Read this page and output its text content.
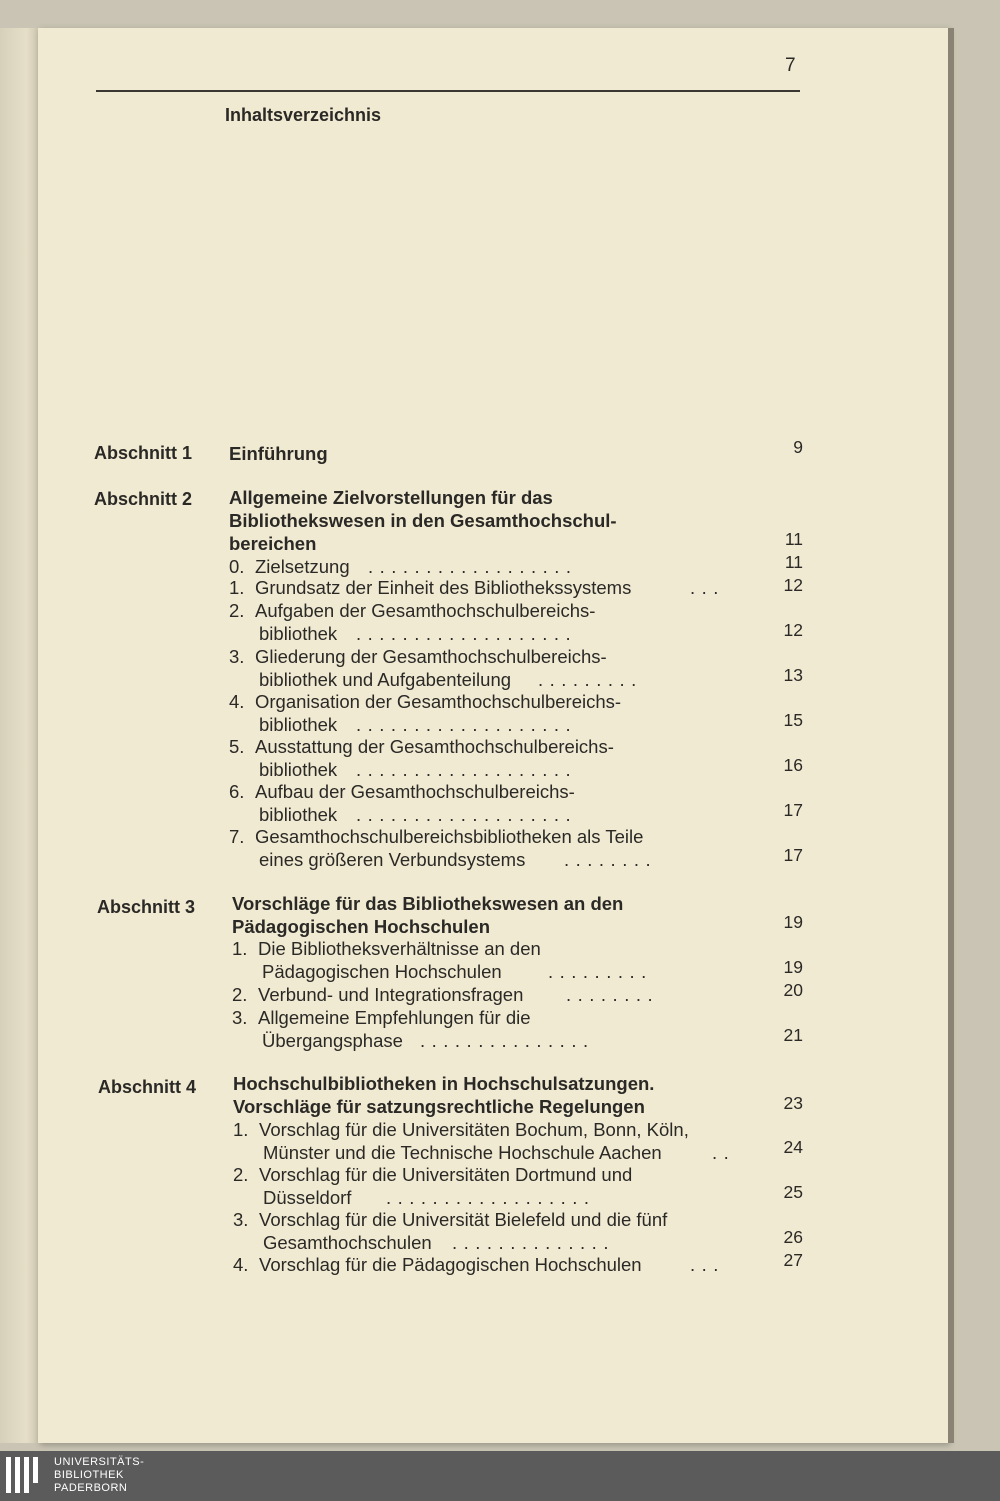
7
Inhaltsverzeichnis
Abschnitt 1 Einführung	9
Abschnitt 2 Allgemeine Zielvorstellungen für das
Bibliothekswesen in den Gesamthochschul-
bereichen	11
0. Zielsetzung ..................	11
1. Grundsatz der Einheit des Bibliothekssystems	...	12
2. Aufgaben der Gesamthochschulbereichs-
bibliothek ...................	12
3. Gliederung der Gesamthochschulbereichs-
bibliothek und Aufgabenteilung .........	13
4. Organisation der Gesamthochschulbereichs-
bibliothek ...................	15
5. Ausstattung der Gesamthochschulbereichs-
bibliothek ...................	16
6. Aufbau der Gesamthochschulbereichs-
bibliothek ...................	17
7. Gesamthochschulbereichsbibliotheken als Teile
eines größeren Verbundsystems ........	17
Abschnitt 3 Vorschläge für das Bibliothekswesen an den
Pädagogischen Hochschulen	19
1. Die Bibliotheksverhältnisse an den
Pädagogischen Hochschulen	.........	19
2. Verbund- und Integrationsfragen ........	20
3. Allgemeine Empfehlungen für die
Übergangsphase ...............	21
Abschnitt 4 Hochschulbibliotheken in Hochschulsatzungen.
Vorschläge für satzungsrechtliche Regelungen	23
1. Vorschlag für die Universitäten Bochum, Bonn, Köln,
Münster und die Technische Hochschule Aachen	..	24
2. Vorschlag für die Universitäten Dortmund und
Düsseldorf ..................	25
3. Vorschlag für die Universität Bielefeld und die fünf
Gesamthochschulen ..............	26
4. Vorschlag für die Pädagogischen Hochschulen	...	27
UNIVERSITÄTS-
BIBLIOTHEK
PADERBORN
